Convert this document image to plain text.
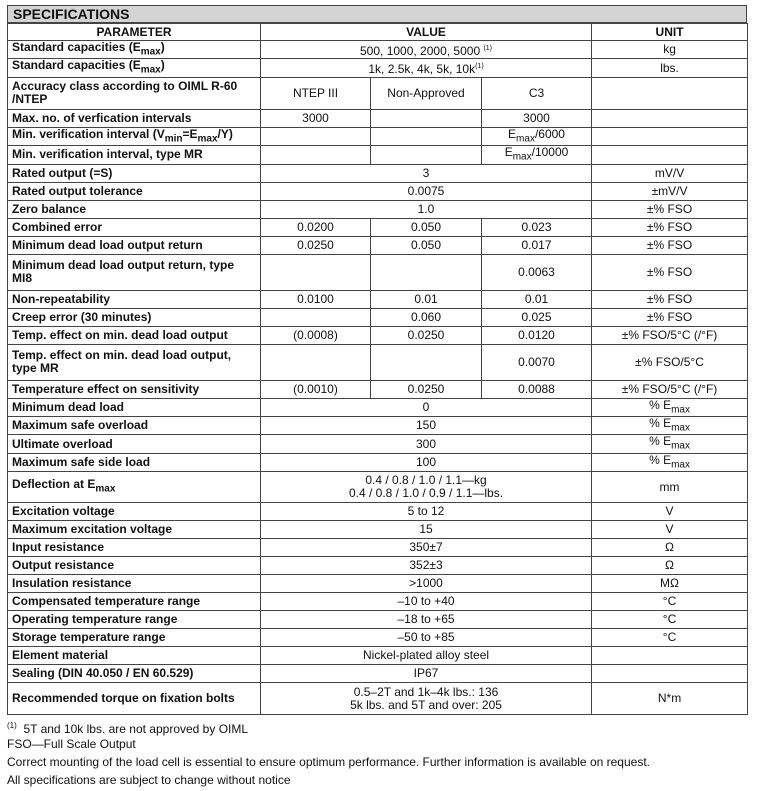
SPECIFICATIONS
PARAMETER	VALUE			UNIT
Standard capacities $(E_{max})$	500, 1000, 2000, 5000 $^{(1)}$			kg
Standard capacities $(E_{max})$	1k, 2.5k, 4k, 5k, $10k^{(1)}$			lbs.
Accuracy class according to OIML R-60 /NTEP	NTEP III	Non-Approved	C3	
Max. no. of verfication intervals	3000		3000	
Min. verification interval $(V_{min}=E_{max}/Y)$			$E_{max}/6000$	
Min. verification interval, type MR			$E_{max}/10000$	
Rated output (=S)	3			mV/V
Rated output tolerance	0.0075			±mV/V
Zero balance	1.0			±% FSO
Combined error	0.0200	0.050	0.023	±% FSO
Minimum dead load output return	0.0250	0.050	0.017	±% FSO
Minimum dead load output return, type MI8			0.0063	±% FSO
Non-repeatability	0.0100	0.01	0.01	±% FSO
Creep error (30 minutes)		0.060	0.025	±% FSO
Temp. effect on min. dead load output	(0.0008)	0.0250	0.0120	±% FSO/5°C (/°F)
Temp. effect on min. dead load output, type MR			0.0070	±% FSO/5°C
Temperature effect on sensitivity	(0.0010)	0.0250	0.0088	±% FSO/5°C (/°F)
Minimum dead load	0			% $E_{max}$
Maximum safe overload	150			% $E_{max}$
Ultimate overload	300			% $E_{max}$
Maximum safe side load	100			% $E_{max}$
Deflection at $E_{max}$	0.4 / 0.8 / 1.0 / 1.1—kg
0.4 / 0.8 / 1.0 / 0.9 / 1.1—lbs.			mm
Excitation voltage	5 to 12			V
Maximum excitation voltage	15			V
Input resistance	350±7			Ω
Output resistance	352±3			Ω
Insulation resistance	>1000			MΩ
Compensated temperature range	–10 to +40			°C
Operating temperature range	–18 to +65			°C
Storage temperature range	–50 to +85			°C
Element material	Nickel-plated alloy steel			
Sealing (DIN 40.050 / EN 60.529)	IP67			
Recommended torque on fixation bolts	0.5–2T and 1k–4k lbs.: 136
5k lbs. and 5T and over: 205			N*m
$^{(1)}$  5T and 10k lbs. are not approved by OIML
FSO—Full Scale Output
Correct mounting of the load cell is essential to ensure optimum performance. Further information is available on request.
All specifications are subject to change without notice
